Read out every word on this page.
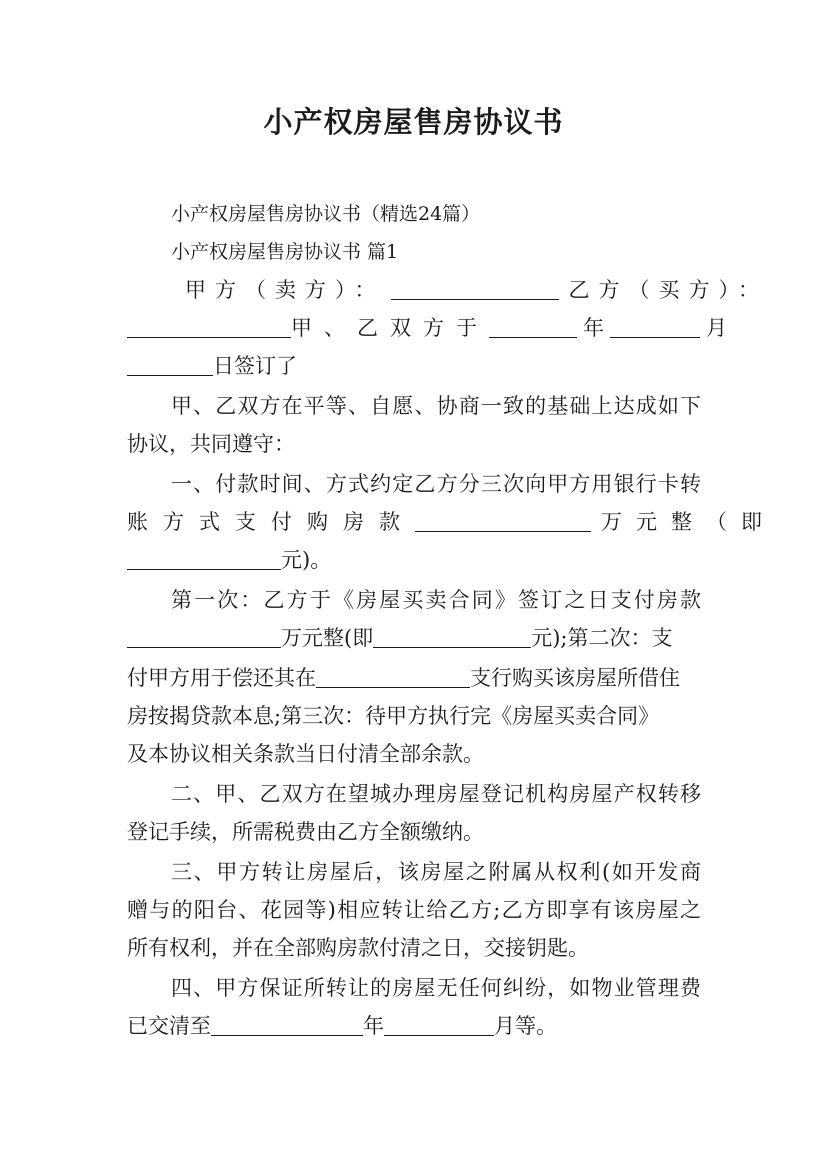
小产权房屋售房协议书
小产权房屋售房协议书（精选24篇）
小产权房屋售房协议书 篇1
甲方（卖方）：	乙方（买方）：
甲、乙双方于	年	月
日签订了
甲、乙双方在平等、自愿、协商一致的基础上达成如下
协议，共同遵守：
一、付款时间、方式约定乙方分三次向甲方用银行卡转
账方式支付购房款	万元整（即
元)。
第一次：乙方于《房屋买卖合同》签订之日支付房款
万元整(即	元);第二次：支
付甲方用于偿还其在	支行购买该房屋所借住
房按揭贷款本息;第三次：待甲方执行完《房屋买卖合同》
及本协议相关条款当日付清全部余款。
二、甲、乙双方在望城办理房屋登记机构房屋产权转移
登记手续，所需税费由乙方全额缴纳。
三、甲方转让房屋后，该房屋之附属从权利(如开发商
赠与的阳台、花园等)相应转让给乙方;乙方即享有该房屋之
所有权利，并在全部购房款付清之日，交接钥匙。
四、甲方保证所转让的房屋无任何纠纷，如物业管理费
已交清至	年	月等。
